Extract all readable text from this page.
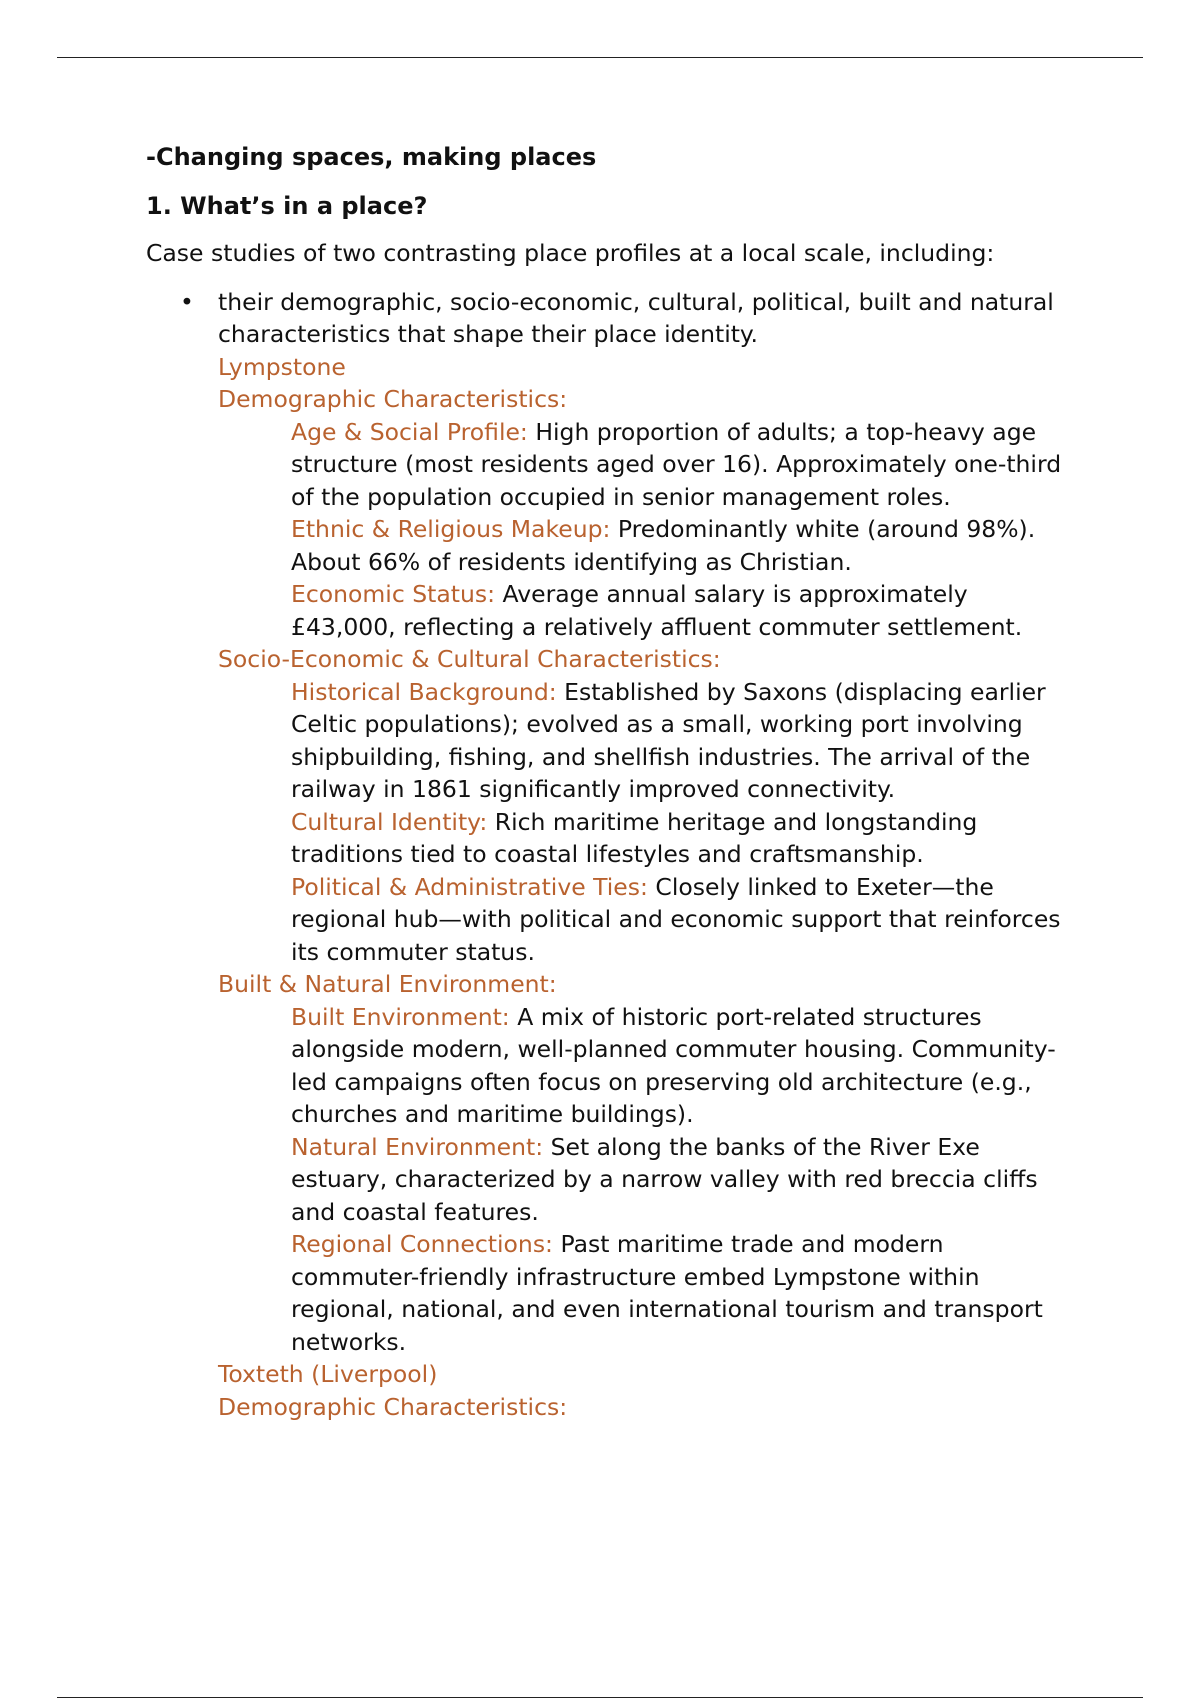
-Changing spaces, making places

1. What’s in a place?

Case studies of two contrasting place profiles at a local scale, including:

• their demographic, socio-economic, cultural, political, built and natural characteristics that shape their place identity.
Lympstone
Demographic Characteristics:
Age & Social Profile: High proportion of adults; a top-heavy age structure (most residents aged over 16). Approximately one-third of the population occupied in senior management roles.
Ethnic & Religious Makeup: Predominantly white (around 98%). About 66% of residents identifying as Christian.
Economic Status: Average annual salary is approximately £43,000, reflecting a relatively affluent commuter settlement.
Socio-Economic & Cultural Characteristics:
Historical Background: Established by Saxons (displacing earlier Celtic populations); evolved as a small, working port involving shipbuilding, fishing, and shellfish industries. The arrival of the railway in 1861 significantly improved connectivity.
Cultural Identity: Rich maritime heritage and longstanding traditions tied to coastal lifestyles and craftsmanship.
Political & Administrative Ties: Closely linked to Exeter—the regional hub—with political and economic support that reinforces its commuter status.
Built & Natural Environment:
Built Environment: A mix of historic port-related structures alongside modern, well-planned commuter housing. Community-led campaigns often focus on preserving old architecture (e.g., churches and maritime buildings).
Natural Environment: Set along the banks of the River Exe estuary, characterized by a narrow valley with red breccia cliffs and coastal features.
Regional Connections: Past maritime trade and modern commuter-friendly infrastructure embed Lympstone within regional, national, and even international tourism and transport networks.
Toxteth (Liverpool)
Demographic Characteristics:
